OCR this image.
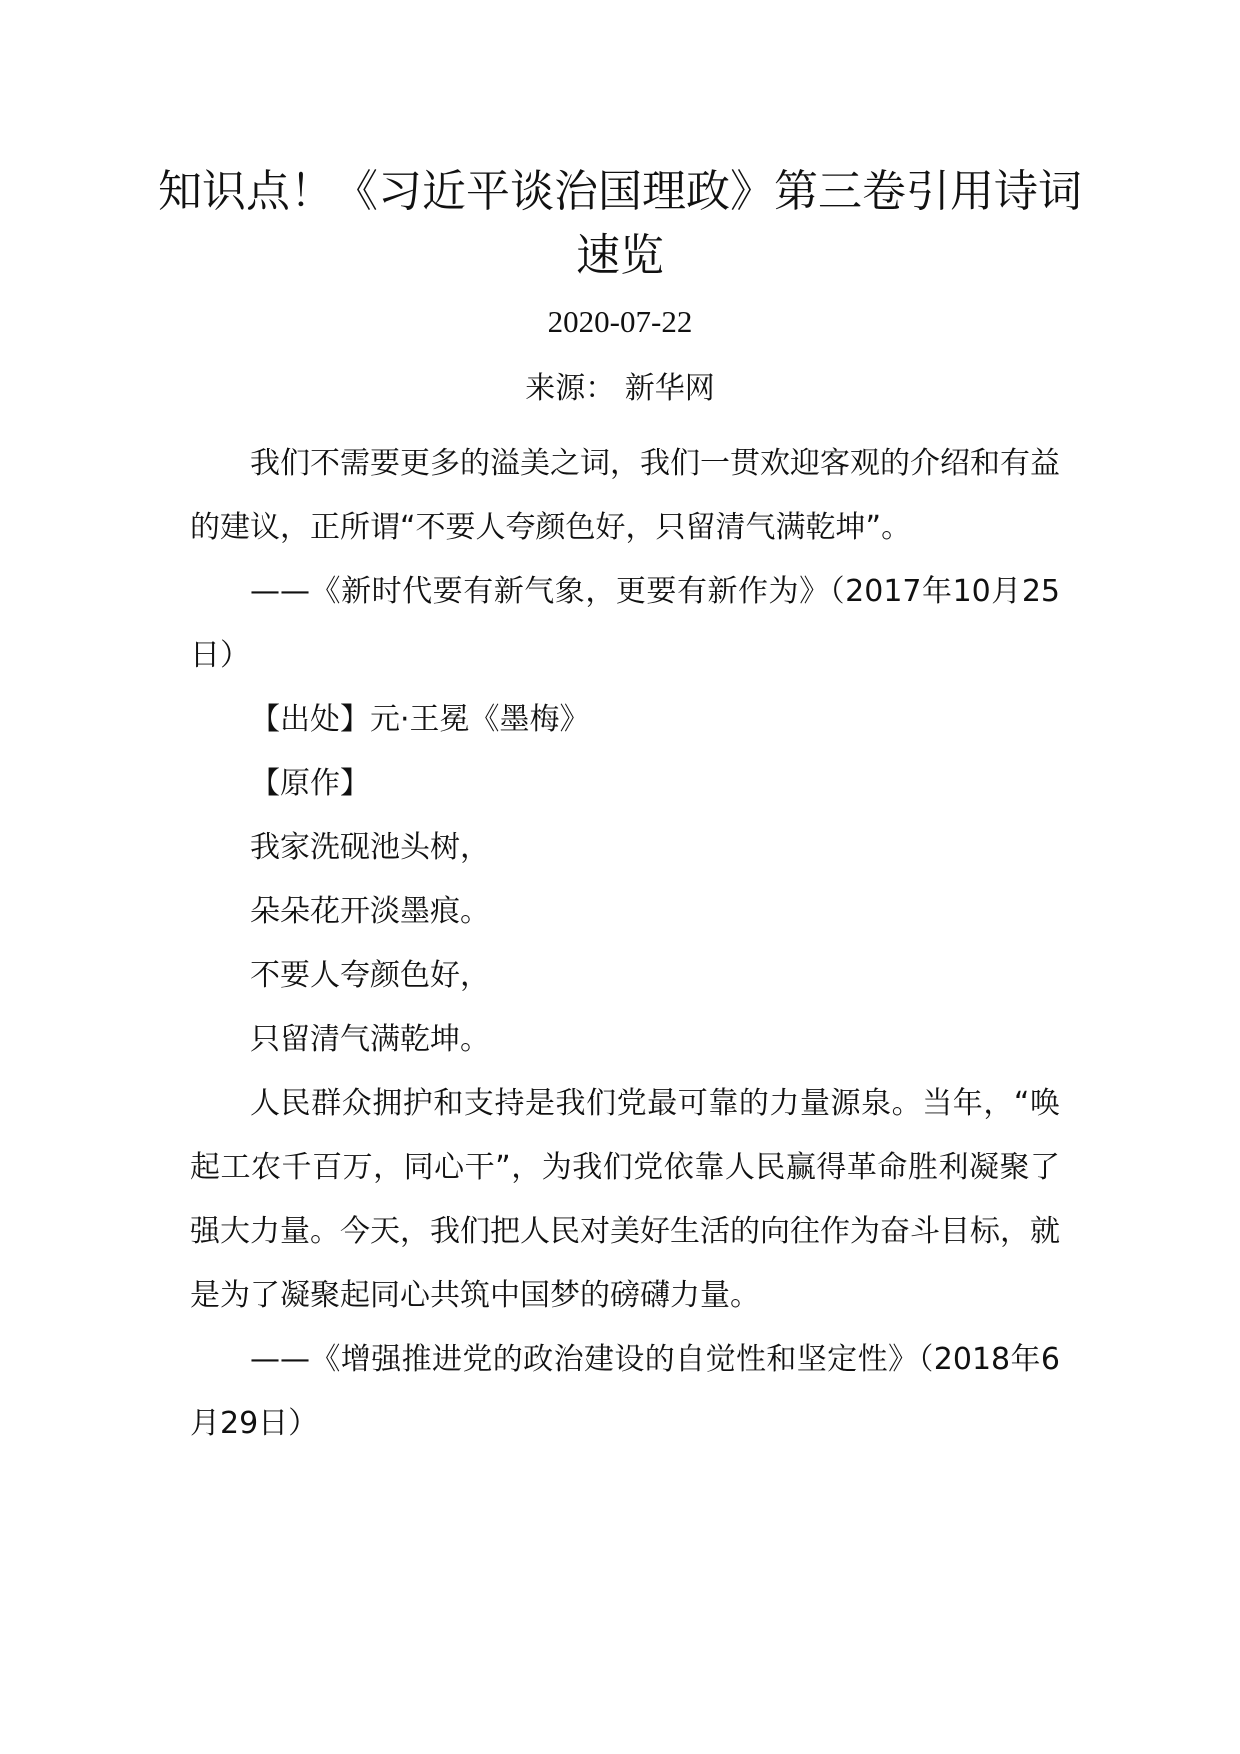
知识点！《习近平谈治国理政》第三卷引用诗词速览
2020-07-22
来源： 新华网

我们不需要更多的溢美之词，我们一贯欢迎客观的介绍和有益的建议，正所谓“不要人夸颜色好，只留清气满乾坤”。

——《新时代要有新气象，更要有新作为》（2017年10月25日）

【出处】元·王冕《墨梅》

【原作】

我家洗砚池头树，

朵朵花开淡墨痕。

不要人夸颜色好，

只留清气满乾坤。

人民群众拥护和支持是我们党最可靠的力量源泉。当年，“唤起工农千百万，同心干”，为我们党依靠人民赢得革命胜利凝聚了强大力量。今天，我们把人民对美好生活的向往作为奋斗目标，就是为了凝聚起同心共筑中国梦的磅礴力量。

——《增强推进党的政治建设的自觉性和坚定性》（2018年6月29日）
